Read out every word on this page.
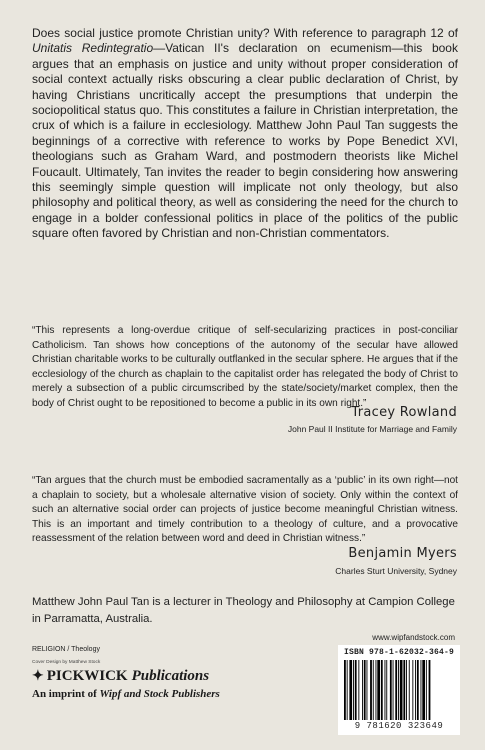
Does social justice promote Christian unity? With reference to paragraph 12 of Unitatis Redintegratio—Vatican II's declaration on ecumenism—this book argues that an emphasis on justice and unity without proper consideration of social context actually risks obscuring a clear public declaration of Christ, by having Christians uncritically accept the presumptions that underpin the sociopolitical status quo. This constitutes a failure in Christian interpretation, the crux of which is a failure in ecclesiology. Matthew John Paul Tan suggests the beginnings of a corrective with reference to works by Pope Benedict XVI, theologians such as Graham Ward, and postmodern theorists like Michel Foucault. Ultimately, Tan invites the reader to begin considering how answering this seemingly simple question will implicate not only theology, but also philosophy and political theory, as well as considering the need for the church to engage in a bolder confessional politics in place of the politics of the public square often favored by Christian and non-Christian commentators.

“This represents a long-overdue critique of self-secularizing practices in post-conciliar Catholicism. Tan shows how conceptions of the autonomy of the secular have allowed Christian charitable works to be culturally outflanked in the secular sphere. He argues that if the ecclesiology of the church as chaplain to the capitalist order has relegated the body of Christ to merely a subsection of a public circumscribed by the state/society/market complex, then the body of Christ ought to be repositioned to become a public in its own right.”

Tracey Rowland
John Paul II Institute for Marriage and Family

“Tan argues that the church must be embodied sacramentally as a ‘public’ in its own right—not a chaplain to society, but a wholesale alternative vision of society. Only within the context of such an alternative social order can projects of justice become meaningful Christian witness. This is an important and timely contribution to a theology of culture, and a provocative reassessment of the relation between word and deed in Christian witness.”

Benjamin Myers
Charles Sturt University, Sydney

Matthew John Paul Tan is a lecturer in Theology and Philosophy at Campion College in Parramatta, Australia.

www.wipfandstock.com
RELIGION / Theology
Cover Design by Matthew Stock
✦ PICKWICK Publications
An imprint of Wipf and Stock Publishers
ISBN 978-1-62032-364-9
9 781620 323649
